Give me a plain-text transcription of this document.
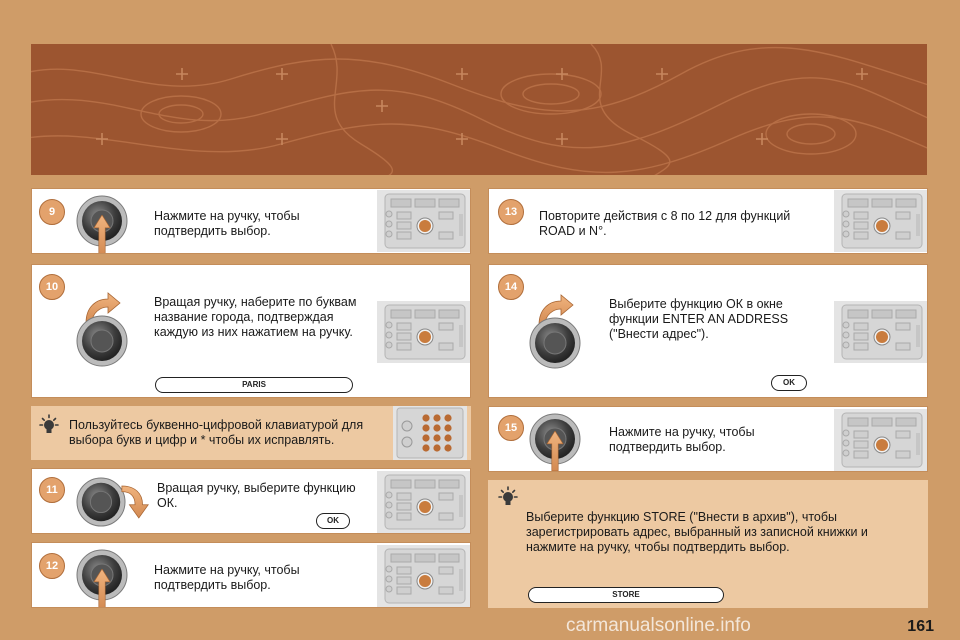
9	Нажмите на ручку, чтобы подтвердить выбор.

10

Вращая ручку, наберите по буквам название города, подтверждая каждую из них нажатием на ручку.

PARIS

Пользуйтесь буквенно-цифровой клавиатурой для выбора букв и цифр и * чтобы их исправлять.

11	Вращая ручку, выберите функцию ОК.

OK
12	Нажмите на ручку, чтобы подтвердить выбор.

13	Повторите действия с 8 по 12 для функций ROAD и N°.

14

Выберите функцию ОК в окне функции ENTER AN ADDRESS ("Внести адрес").

OK
15	Нажмите на ручку, чтобы подтвердить выбор.

Выберите функцию STORE ("Внести в архив"), чтобы зарегистрировать адрес, выбранный из записной книжки и нажмите на ручку, чтобы подтвердить выбор.

STORE
161
carmanualsonline.info
